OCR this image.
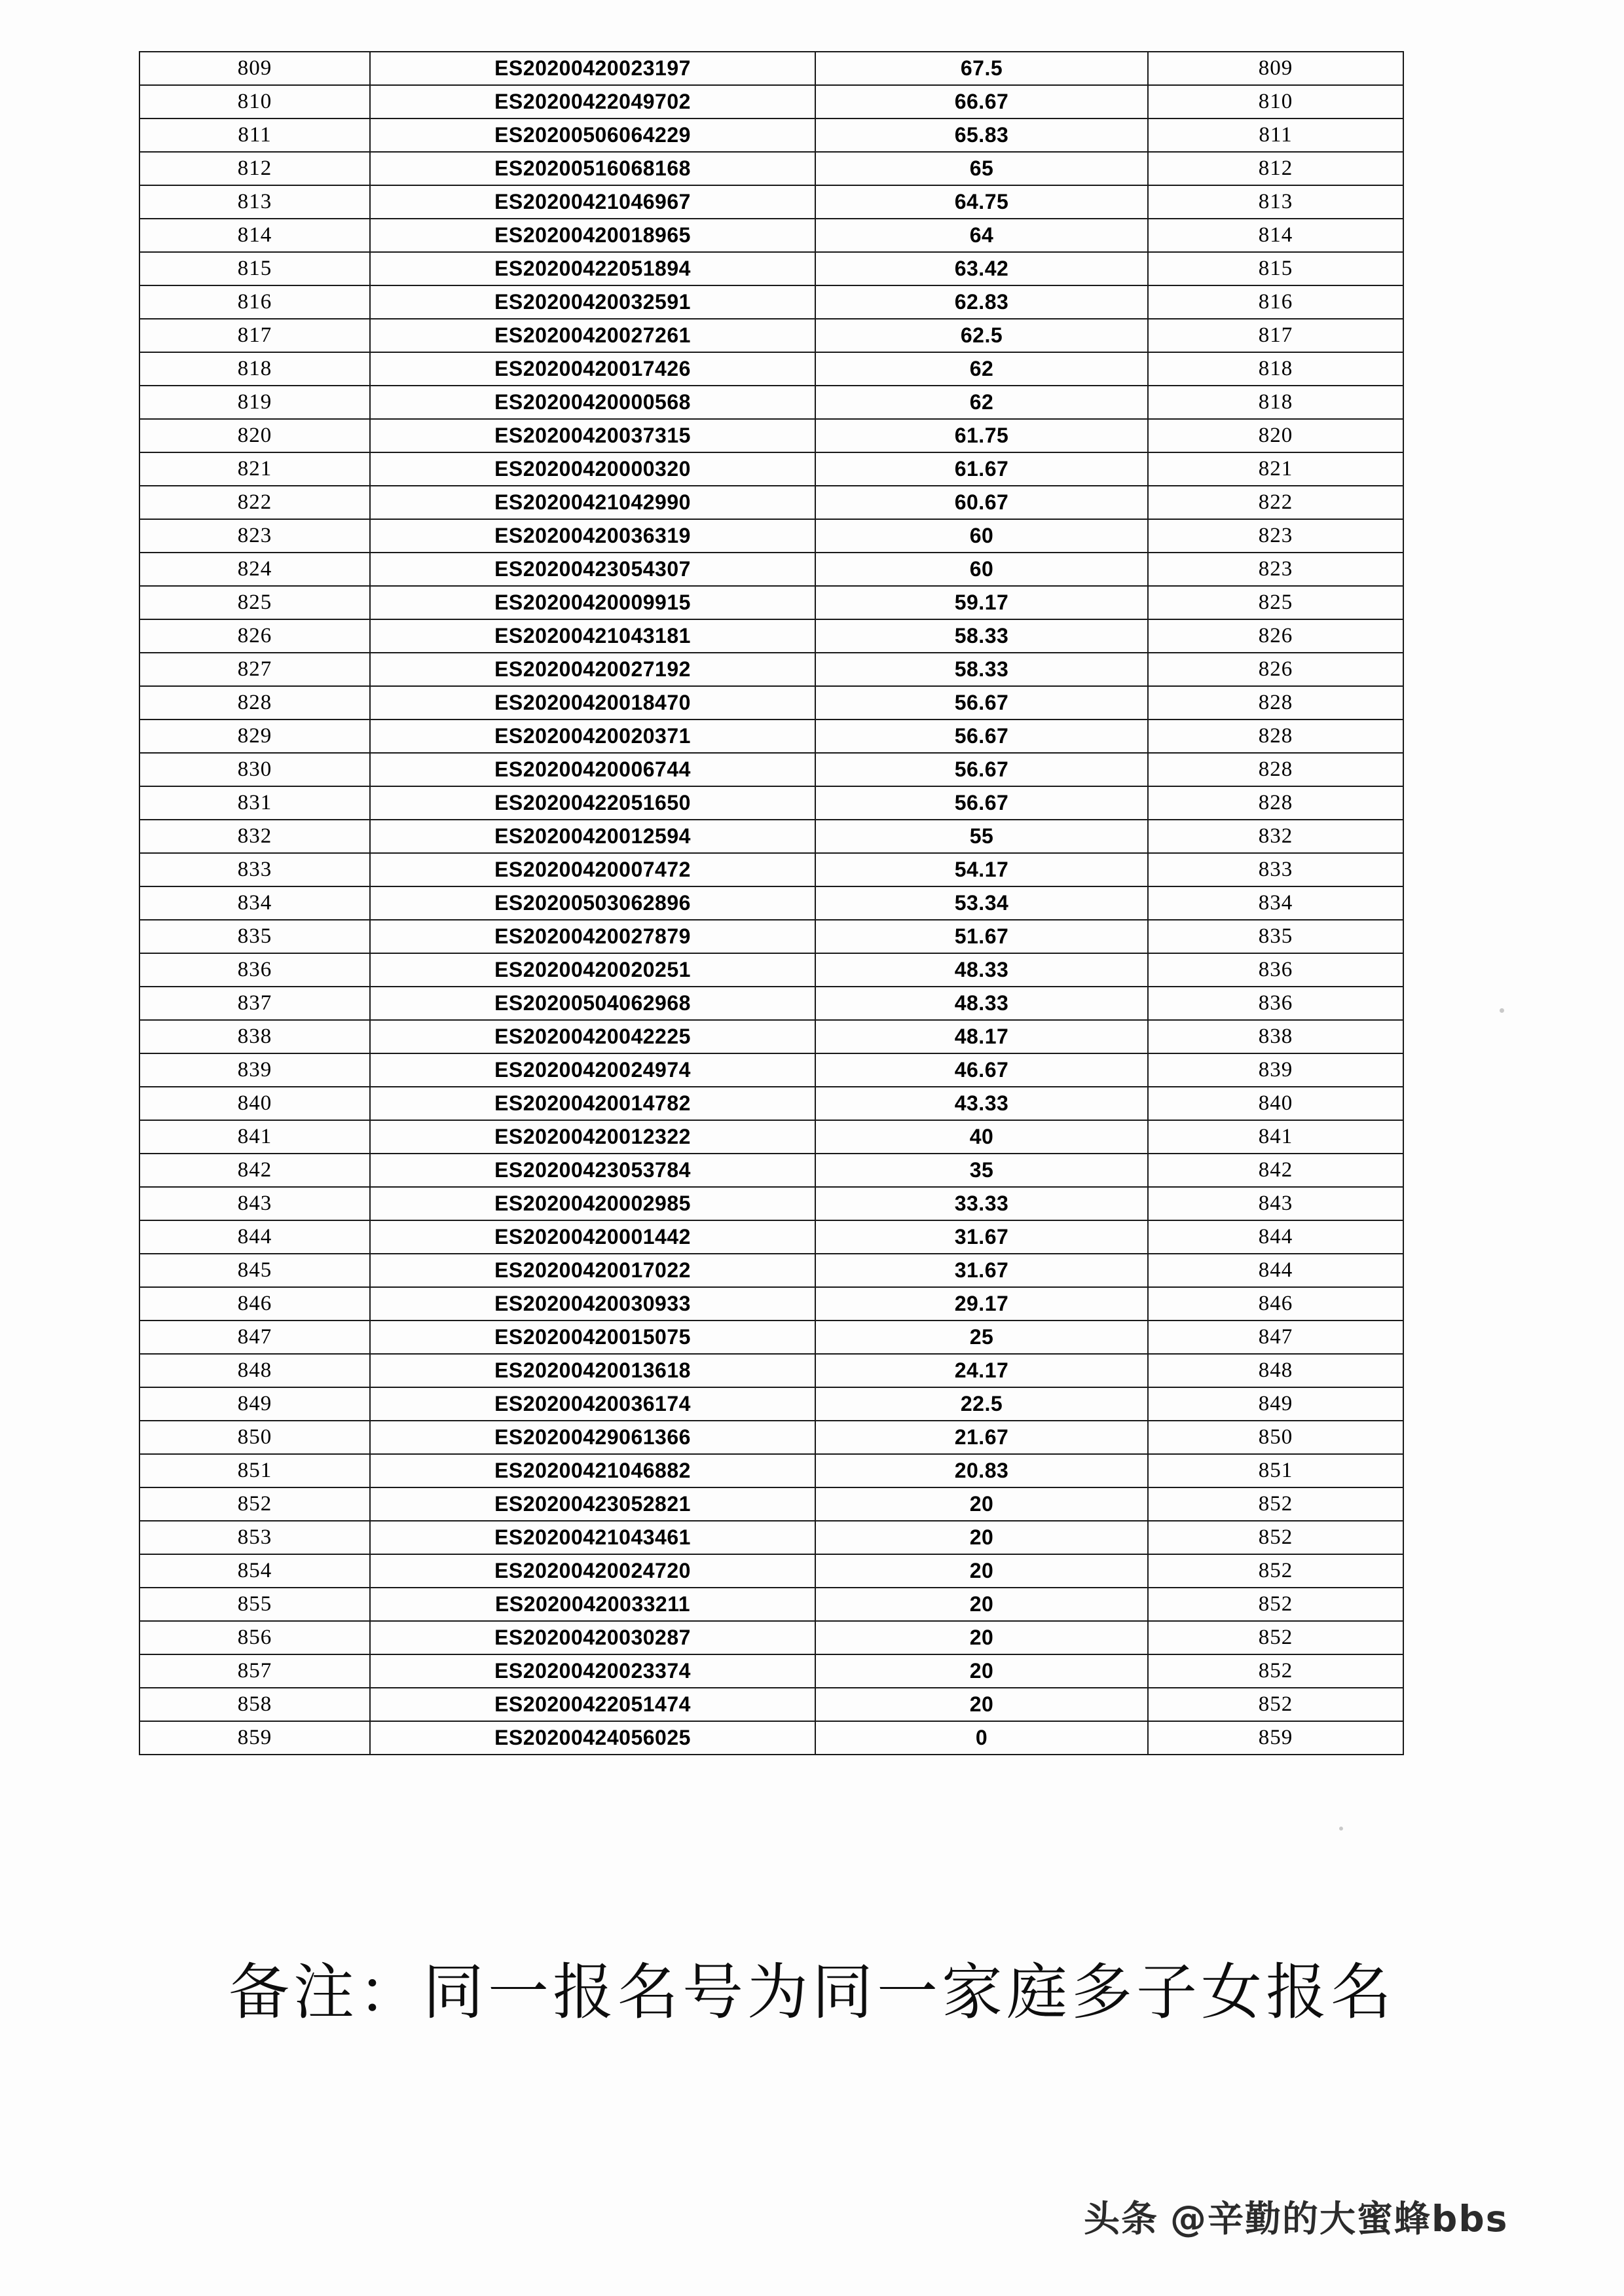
809	ES20200420023197	67.5	809
810	ES20200422049702	66.67	810
811	ES20200506064229	65.83	811
812	ES20200516068168	65	812
813	ES20200421046967	64.75	813
814	ES20200420018965	64	814
815	ES20200422051894	63.42	815
816	ES20200420032591	62.83	816
817	ES20200420027261	62.5	817
818	ES20200420017426	62	818
819	ES20200420000568	62	818
820	ES20200420037315	61.75	820
821	ES20200420000320	61.67	821
822	ES20200421042990	60.67	822
823	ES20200420036319	60	823
824	ES20200423054307	60	823
825	ES20200420009915	59.17	825
826	ES20200421043181	58.33	826
827	ES20200420027192	58.33	826
828	ES20200420018470	56.67	828
829	ES20200420020371	56.67	828
830	ES20200420006744	56.67	828
831	ES20200422051650	56.67	828
832	ES20200420012594	55	832
833	ES20200420007472	54.17	833
834	ES20200503062896	53.34	834
835	ES20200420027879	51.67	835
836	ES20200420020251	48.33	836
837	ES20200504062968	48.33	836
838	ES20200420042225	48.17	838
839	ES20200420024974	46.67	839
840	ES20200420014782	43.33	840
841	ES20200420012322	40	841
842	ES20200423053784	35	842
843	ES20200420002985	33.33	843
844	ES20200420001442	31.67	844
845	ES20200420017022	31.67	844
846	ES20200420030933	29.17	846
847	ES20200420015075	25	847
848	ES20200420013618	24.17	848
849	ES20200420036174	22.5	849
850	ES20200429061366	21.67	850
851	ES20200421046882	20.83	851
852	ES20200423052821	20	852
853	ES20200421043461	20	852
854	ES20200420024720	20	852
855	ES20200420033211	20	852
856	ES20200420030287	20	852
857	ES20200420023374	20	852
858	ES20200422051474	20	852
859	ES20200424056025	0	859
备注：同一报名号为同一家庭多子女报名
头条 @辛勤的大蜜蜂bbs
